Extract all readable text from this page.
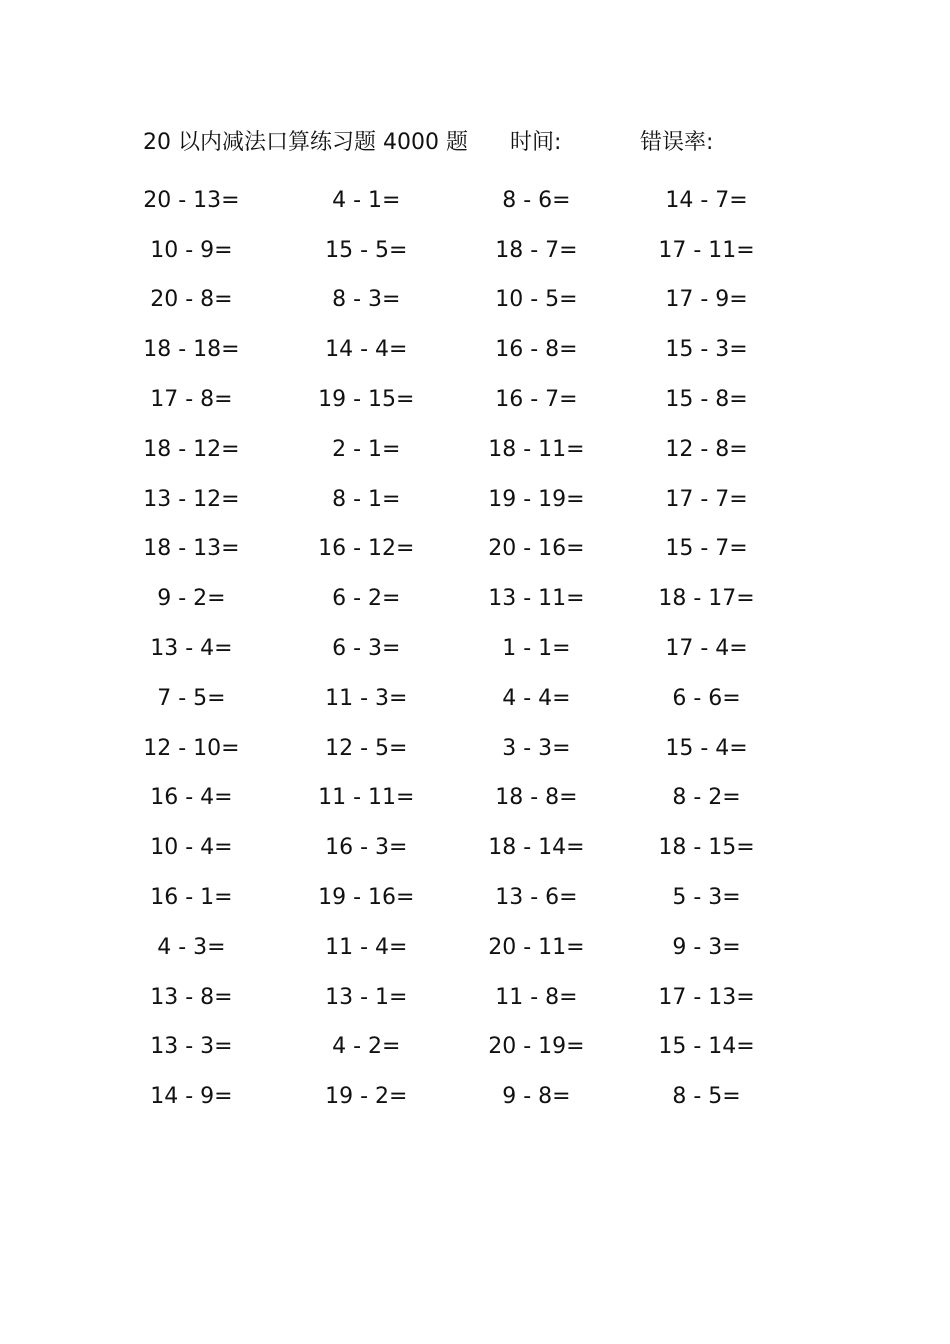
20 以内减法口算练习题 4000 题 时间:	错误率:
20 - 13=	4 - 1=	8 - 6=	14 - 7=
10 - 9=	15 - 5=	18 - 7=	17 - 11=
20 - 8=	8 - 3=	10 - 5=	17 - 9=
18 - 18=	14 - 4=	16 - 8=	15 - 3=
17 - 8=	19 - 15=	16 - 7=	15 - 8=
18 - 12=	2 - 1=	18 - 11=	12 - 8=
13 - 12=	8 - 1=	19 - 19=	17 - 7=
18 - 13=	16 - 12=	20 - 16=	15 - 7=
9 - 2=	6 - 2=	13 - 11=	18 - 17=
13 - 4=	6 - 3=	1 - 1=	17 - 4=
7 - 5=	11 - 3=	4 - 4=	6 - 6=
12 - 10=	12 - 5=	3 - 3=	15 - 4=
16 - 4=	11 - 11=	18 - 8=	8 - 2=
10 - 4=	16 - 3=	18 - 14=	18 - 15=
16 - 1=	19 - 16=	13 - 6=	5 - 3=
4 - 3=	11 - 4=	20 - 11=	9 - 3=
13 - 8=	13 - 1=	11 - 8=	17 - 13=
13 - 3=	4 - 2=	20 - 19=	15 - 14=
14 - 9=	19 - 2=	9 - 8=	8 - 5=
